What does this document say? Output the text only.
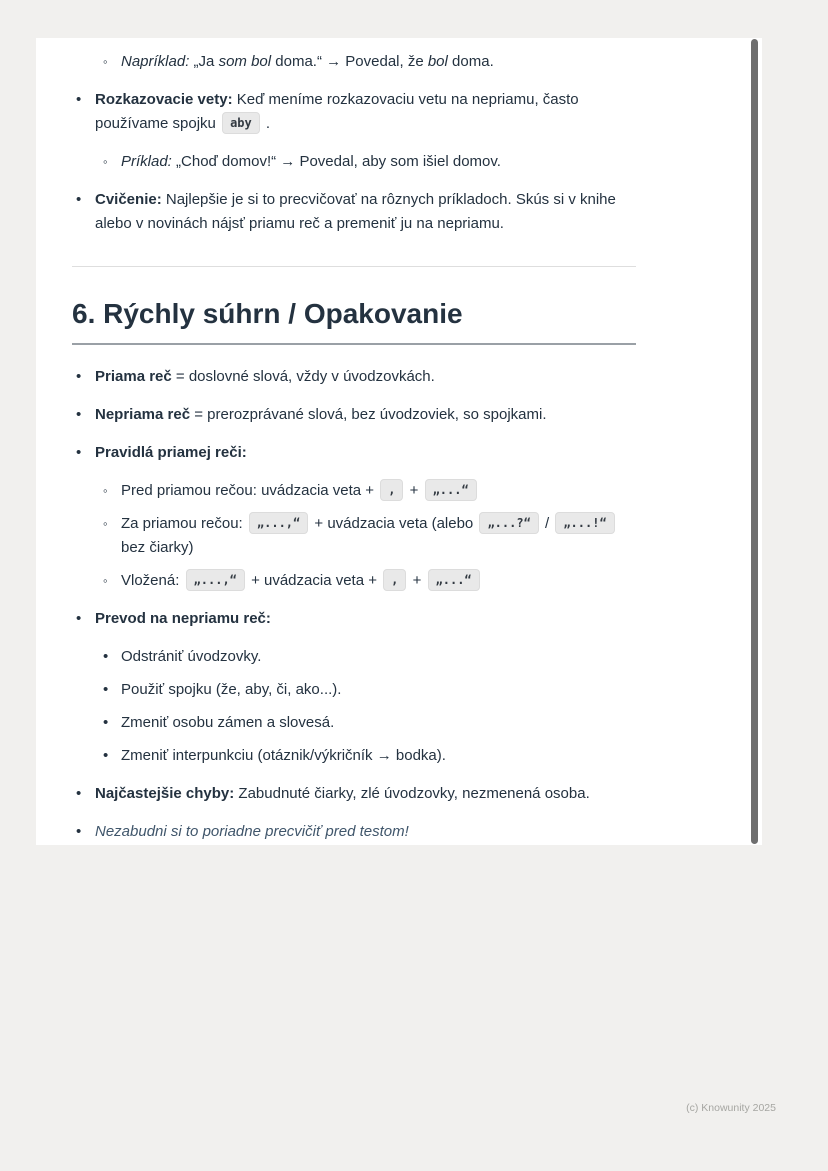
◦ Napríklad: „Ja som bol doma.“ → Povedal, že bol doma.
• Rozkazovacie vety: Keď meníme rozkazovaciu vetu na nepriamu, často používame spojku aby .
◦ Príklad: „Choď domov!“ → Povedal, aby som išiel domov.
• Cvičenie: Najlepšie je si to precvičovať na rôznych príkladoch. Skús si v knihe alebo v novinách nájsť priamu reč a premeniť ju na nepriamu.
6. Rýchly súhrn / Opakovanie
• Priama reč = doslovné slová, vždy v úvodzovkách.
• Nepriama reč = prerozprávané slová, bez úvodzoviek, so spojkami.
• Pravidlá priamej reči:
◦ Pred priamou rečou: uvádzacia veta + , + „...“
◦ Za priamou rečou: „...,“ + uvádzacia veta (alebo „...?“ / „...!“ bez čiarky)
◦ Vložená: „...,“ + uvádzacia veta + , + „...“
• Prevod na nepriamu reč:
• Odstrániť úvodzovky.
• Použiť spojku (že, aby, či, ako...).
• Zmeniť osobu zámen a slovesá.
• Zmeniť interpunkciu (otáznik/výkričník → bodka).
• Najčastejšie chyby: Zabudnuté čiarky, zlé úvodzovky, nezmenená osoba.
• Nezabudni si to poriadne precvičiť pred testom!
(c) Knowunity 2025
